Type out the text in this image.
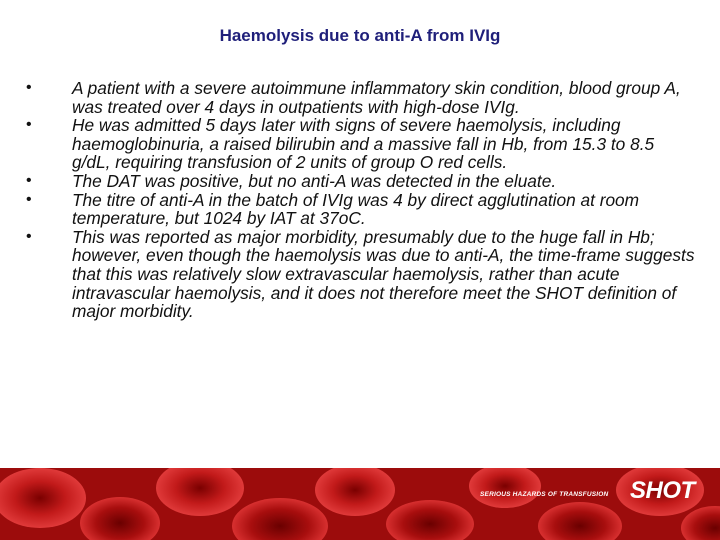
Haemolysis due to anti-A from IVIg
•	A patient with a severe autoimmune inflammatory skin condition, blood group A, was treated over 4 days in outpatients with high-dose IVIg.
•	He was admitted 5 days later with signs of severe haemolysis, including haemoglobinuria, a raised bilirubin and a massive fall in Hb, from 15.3 to 8.5 g/dL, requiring transfusion of 2 units of group O red cells.
•	The DAT was positive, but no anti-A was detected in the eluate.
•	The titre of anti-A in the batch of IVIg was 4 by direct agglutination at room temperature, but 1024 by IAT at 37oC.
•	This was reported as major morbidity, presumably due to the huge fall in Hb; however, even though the haemolysis was due to anti-A, the time-frame suggests that this was relatively slow extravascular haemolysis, rather than acute intravascular haemolysis, and it does not therefore meet the SHOT definition of major morbidity.
SERIOUS HAZARDS OF TRANSFUSION SHOT
